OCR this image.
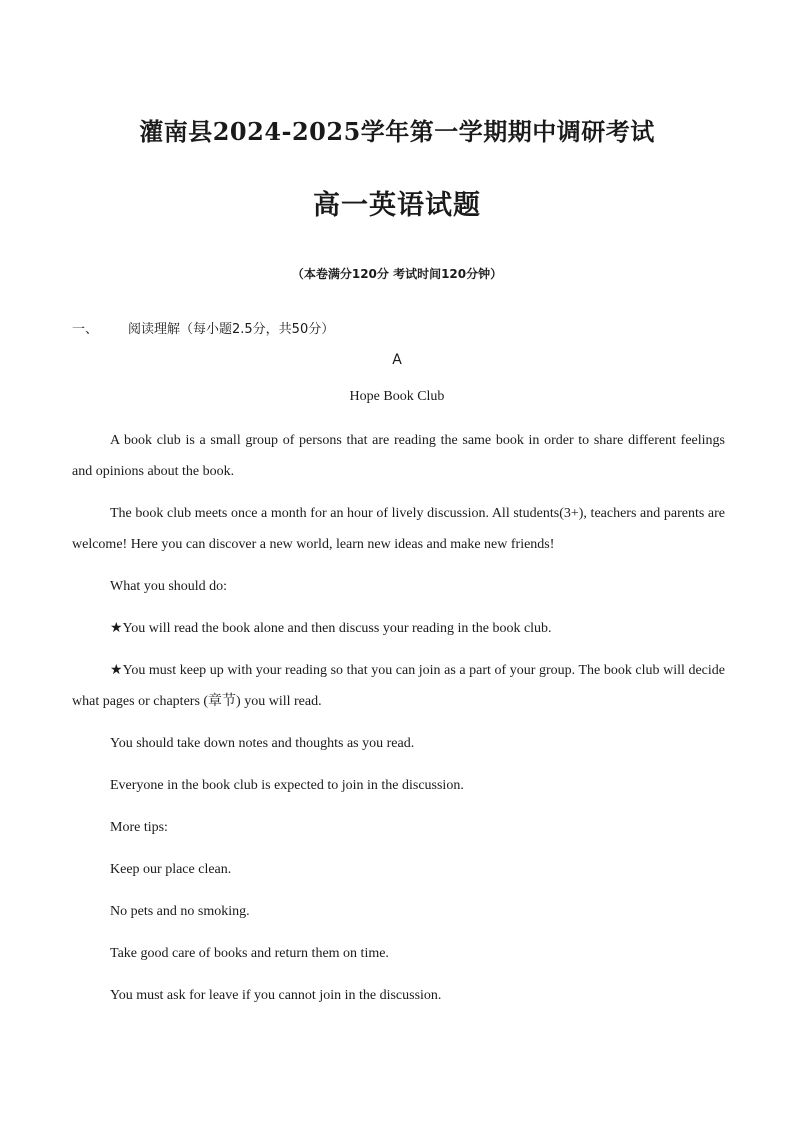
灌南县2024-2025学年第一学期期中调研考试
高一英语试题
（本卷满分120分 考试时间120分钟）
一、 阅读理解（每小题2.5分，共50分）
A
Hope Book Club

A book club is a small group of persons that are reading the same book in order to share different feelings and opinions about the book.

The book club meets once a month for an hour of lively discussion. All students(3+), teachers and parents are welcome! Here you can discover a new world, learn new ideas and make new friends!

What you should do:

★You will read the book alone and then discuss your reading in the book club.

★You must keep up with your reading so that you can join as a part of your group. The book club will decide what pages or chapters (章节) you will read.

You should take down notes and thoughts as you read.

Everyone in the book club is expected to join in the discussion.

More tips:

Keep our place clean.

No pets and no smoking.

Take good care of books and return them on time.

You must ask for leave if you cannot join in the discussion.
